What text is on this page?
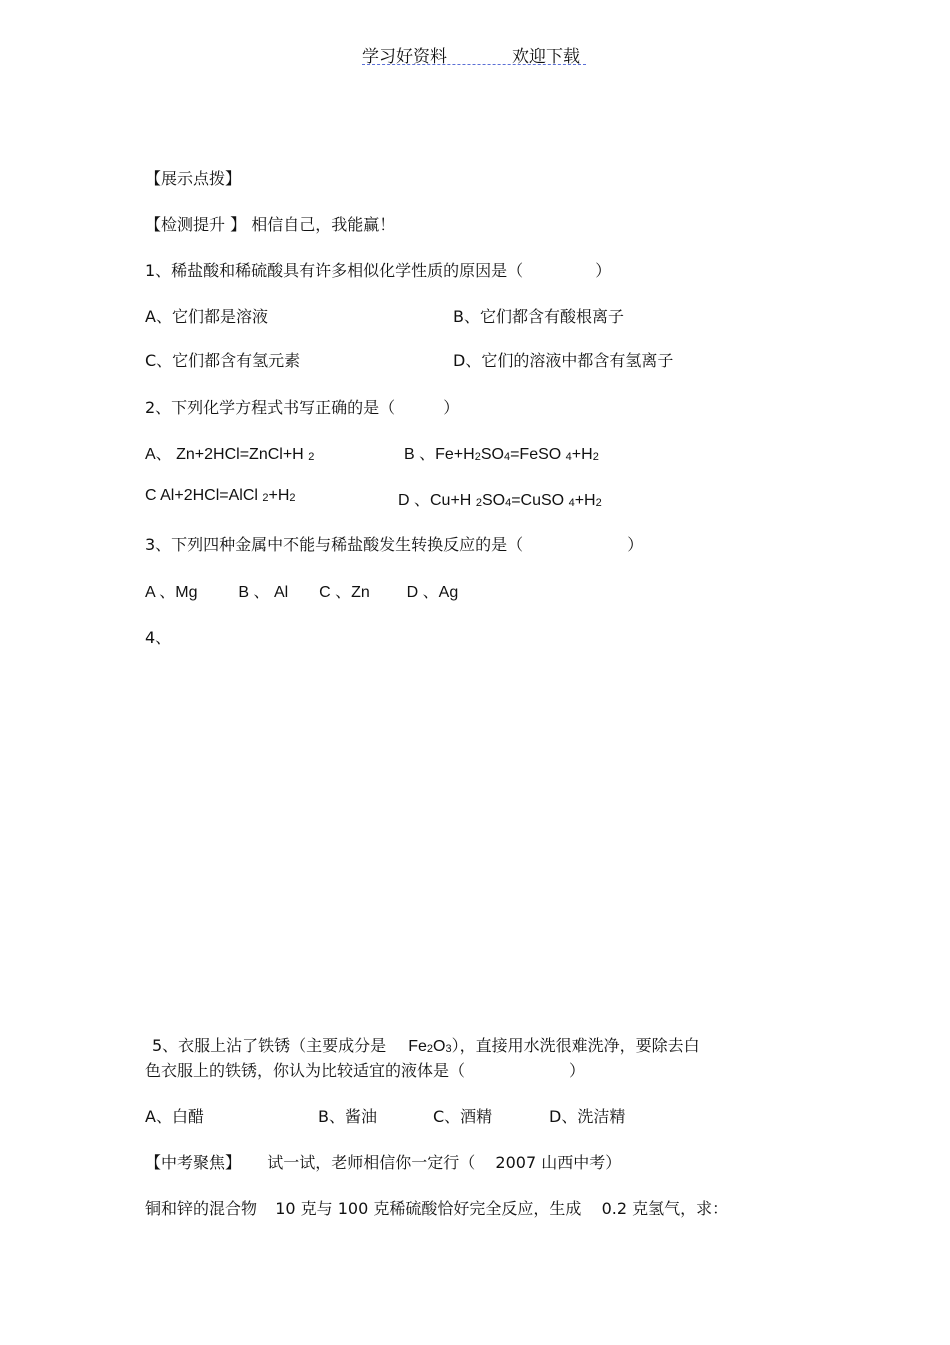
学习好资料	欢迎下载
【展示点拨】
【检测提升 】 相信自己，我能赢！
1、稀盐酸和稀硫酸具有许多相似化学性质的原因是（	）
A、它们都是溶液	B、它们都含有酸根离子
C、它们都含有氢元素	D、它们的溶液中都含有氢离子
2、下列化学方程式书写正确的是（	）
A、 Zn+2HCl=ZnCl+H $_2$	B 、$Fe+H_2SO_4=FeSO$ $_4+H_2$
C Al+2HCl=AlCl $_2+H_2$	D 、Cu+H $_2SO_4=CuSO$ $_4+H_2$
3、下列四种金属中不能与稀盐酸发生转换反应的是（	）
A 、Mg	B 、 Al C 、Zn D 、Ag
4、
5、衣服上沾了铁锈（主要成分是 $Fe_2O_3$），直接用水洗很难洗净，要除去白
色衣服上的铁锈，你认为比较适宜的液体是（	）
A、白醋	B、酱油	C、酒精	D、洗洁精
【中考聚焦】 试一试，老师相信你一定行（ 2007 山西中考）
铜和锌的混合物 10 克与 100 克稀硫酸恰好完全反应，生成 0.2 克氢气，求：
